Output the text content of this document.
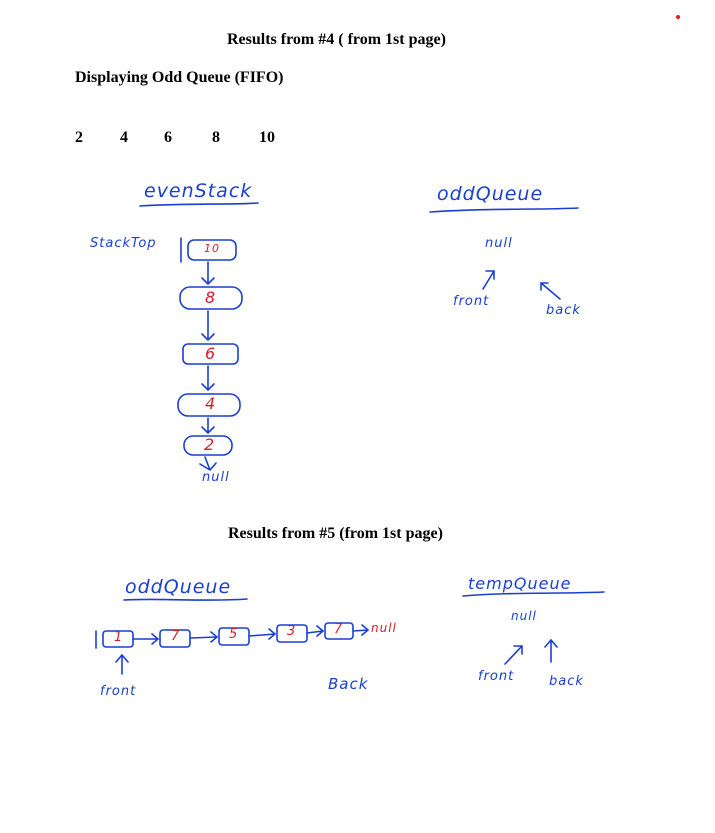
Results from #4 ( from 1st page)
Displaying Odd Queue (FIFO)
2 4 6	8 10
evenStack
StackTop	10
8
6
4
2
null
oddQueue
null
front
back
Results from #5 (from 1st page)
oddQueue
1	7	5	3	7 null
front	Back
tempQueue
null
front	back
